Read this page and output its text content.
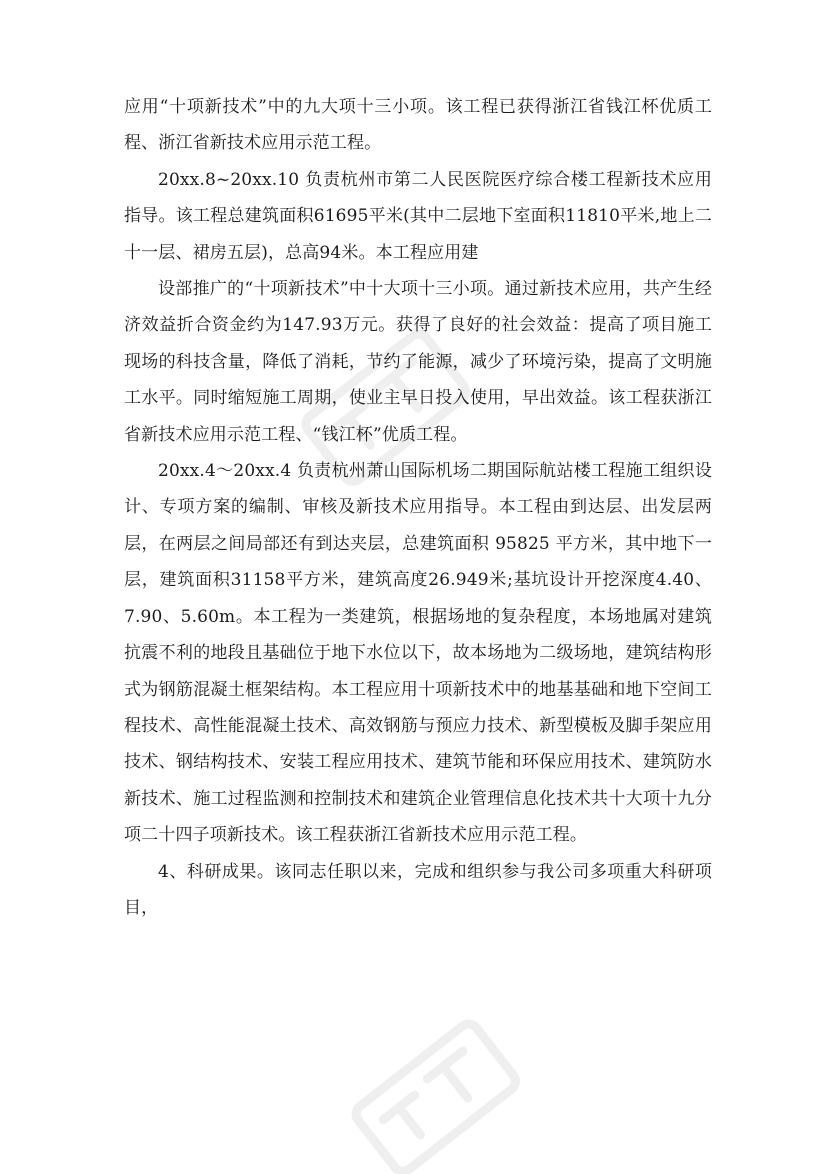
应用“十项新技术”中的九大项十三小项。该工程已获得浙江省钱江杯优质工程、浙江省新技术应用示范工程。

20xx.8~20xx.10 负责杭州市第二人民医院医疗综合楼工程新技术应用指导。该工程总建筑面积61695平米(其中二层地下室面积11810平米,地上二十一层、裙房五层)，总高94米。本工程应用建

设部推广的“十项新技术”中十大项十三小项。通过新技术应用，共产生经济效益折合资金约为147.93万元。获得了良好的社会效益：提高了项目施工现场的科技含量，降低了消耗，节约了能源，减少了环境污染，提高了文明施工水平。同时缩短施工周期，使业主早日投入使用，早出效益。该工程获浙江省新技术应用示范工程、“钱江杯”优质工程。

20xx.4～20xx.4 负责杭州萧山国际机场二期国际航站楼工程施工组织设计、专项方案的编制、审核及新技术应用指导。本工程由到达层、出发层两层，在两层之间局部还有到达夹层，总建筑面积 95825 平方米，其中地下一层，建筑面积31158平方米，建筑高度26.949米;基坑设计开挖深度4.40、7.90、5.60m。本工程为一类建筑，根据场地的复杂程度，本场地属对建筑抗震不利的地段且基础位于地下水位以下，故本场地为二级场地，建筑结构形式为钢筋混凝土框架结构。本工程应用十项新技术中的地基基础和地下空间工程技术、高性能混凝土技术、高效钢筋与预应力技术、新型模板及脚手架应用技术、钢结构技术、安装工程应用技术、建筑节能和环保应用技术、建筑防水新技术、施工过程监测和控制技术和建筑企业管理信息化技术共十大项十九分项二十四子项新技术。该工程获浙江省新技术应用示范工程。

4、科研成果。该同志任职以来，完成和组织参与我公司多项重大科研项目，
